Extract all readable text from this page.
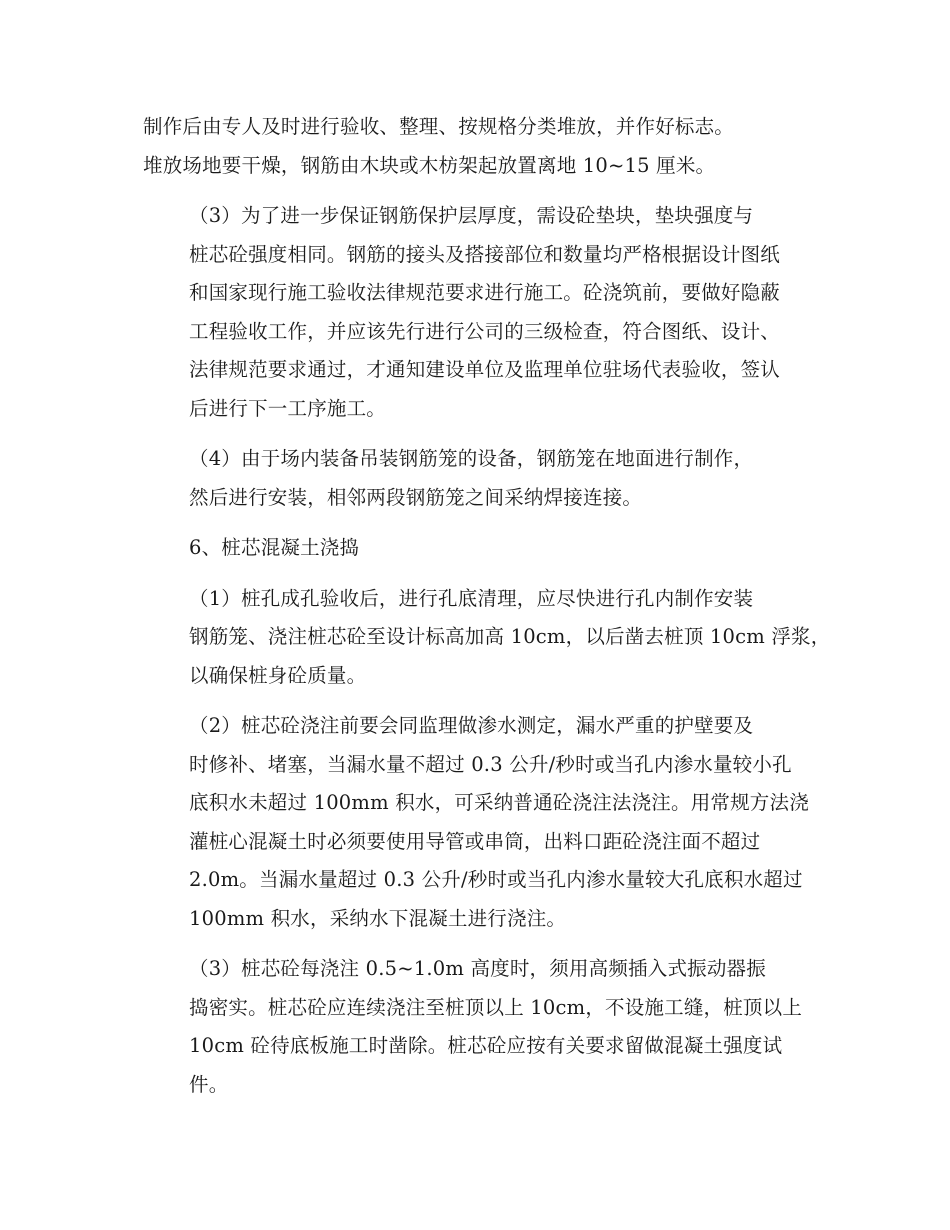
制作后由专人及时进行验收、整理、按规格分类堆放，并作好标志。
堆放场地要干燥，钢筋由木块或木枋架起放置离地 10~15 厘米。

（3）为了进一步保证钢筋保护层厚度，需设砼垫块，垫块强度与
桩芯砼强度相同。钢筋的接头及搭接部位和数量均严格根据设计图纸
和国家现行施工验收法律规范要求进行施工。砼浇筑前，要做好隐蔽
工程验收工作，并应该先行进行公司的三级检查，符合图纸、设计、
法律规范要求通过，才通知建设单位及监理单位驻场代表验收，签认
后进行下一工序施工。

（4）由于场内装备吊装钢筋笼的设备，钢筋笼在地面进行制作，
然后进行安装，相邻两段钢筋笼之间采纳焊接连接。

6、桩芯混凝土浇捣

（1）桩孔成孔验收后，进行孔底清理，应尽快进行孔内制作安装
钢筋笼、浇注桩芯砼至设计标高加高 10cm，以后凿去桩顶 10cm 浮浆，
以确保桩身砼质量。

（2）桩芯砼浇注前要会同监理做渗水测定，漏水严重的护壁要及
时修补、堵塞，当漏水量不超过 0.3 公升/秒时或当孔内渗水量较小孔
底积水未超过 100mm 积水，可采纳普通砼浇注法浇注。用常规方法浇
灌桩心混凝土时必须要使用导管或串筒，出料口距砼浇注面不超过
2.0m。当漏水量超过 0.3 公升/秒时或当孔内渗水量较大孔底积水超过
100mm 积水，采纳水下混凝土进行浇注。

（3）桩芯砼每浇注 0.5~1.0m 高度时，须用高频插入式振动器振
捣密实。桩芯砼应连续浇注至桩顶以上 10cm，不设施工缝，桩顶以上
10cm 砼待底板施工时凿除。桩芯砼应按有关要求留做混凝土强度试
件。
